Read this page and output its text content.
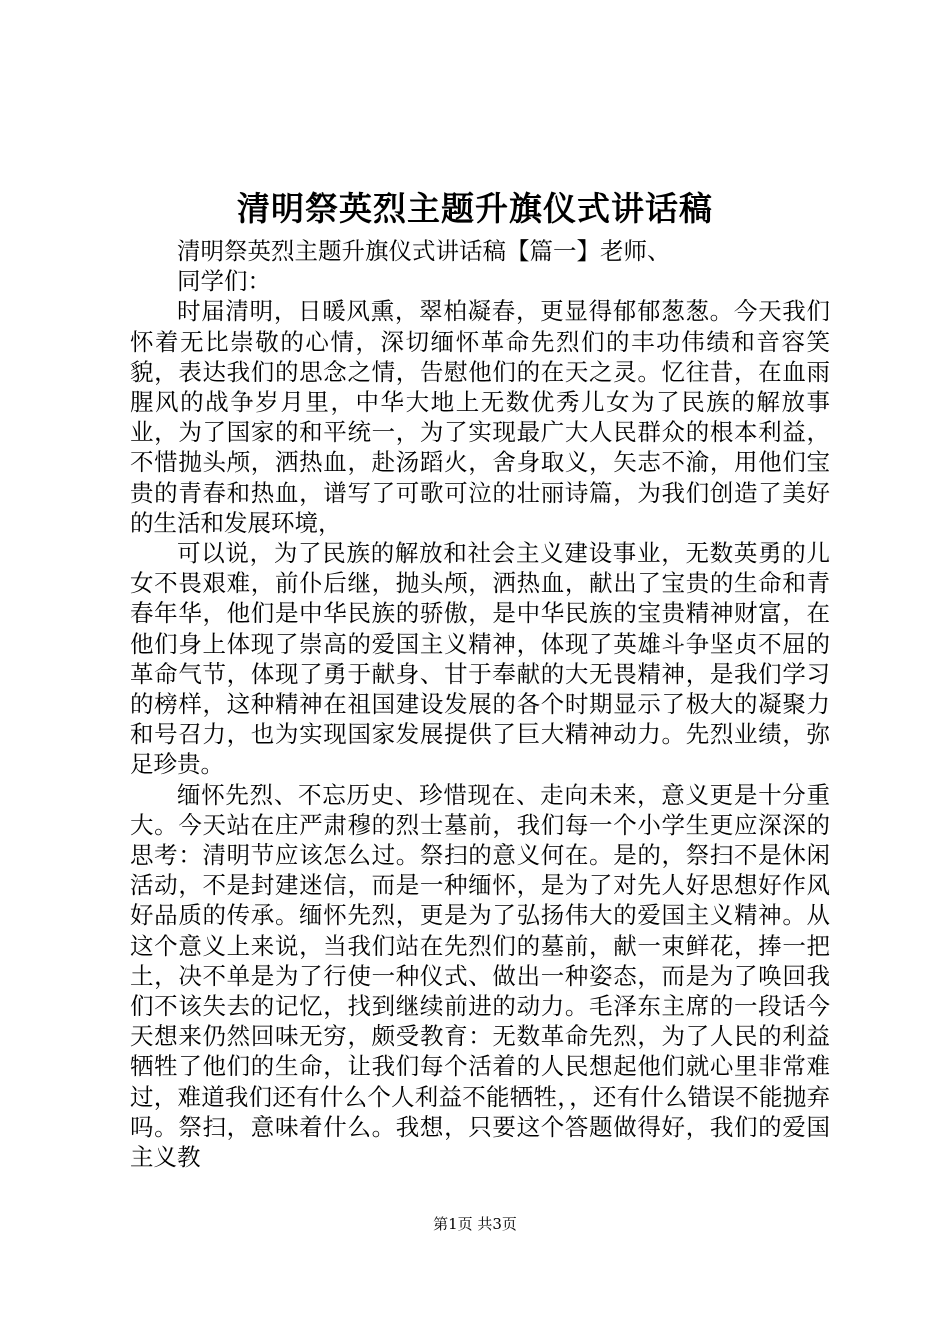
清明祭英烈主题升旗仪式讲话稿

清明祭英烈主题升旗仪式讲话稿【篇一】老师、

同学们：

时届清明，日暖风熏，翠柏凝春，更显得郁郁葱葱。今天我们怀着无比崇敬的心情，深切缅怀革命先烈们的丰功伟绩和音容笑貌，表达我们的思念之情，告慰他们的在天之灵。忆往昔，在血雨腥风的战争岁月里，中华大地上无数优秀儿女为了民族的解放事业，为了国家的和平统一，为了实现最广大人民群众的根本利益，不惜抛头颅，洒热血，赴汤蹈火，舍身取义，矢志不渝，用他们宝贵的青春和热血，谱写了可歌可泣的壮丽诗篇，为我们创造了美好的生活和发展环境，

可以说，为了民族的解放和社会主义建设事业，无数英勇的儿女不畏艰难，前仆后继，抛头颅，洒热血，献出了宝贵的生命和青春年华，他们是中华民族的骄傲，是中华民族的宝贵精神财富，在他们身上体现了崇高的爱国主义精神，体现了英雄斗争坚贞不屈的革命气节，体现了勇于献身、甘于奉献的大无畏精神，是我们学习的榜样，这种精神在祖国建设发展的各个时期显示了极大的凝聚力和号召力，也为实现国家发展提供了巨大精神动力。先烈业绩，弥足珍贵。

缅怀先烈、不忘历史、珍惜现在、走向未来，意义更是十分重大。今天站在庄严肃穆的烈士墓前，我们每一个小学生更应深深的思考：清明节应该怎么过。祭扫的意义何在。是的，祭扫不是休闲活动，不是封建迷信，而是一种缅怀，是为了对先人好思想好作风好品质的传承。缅怀先烈，更是为了弘扬伟大的爱国主义精神。从这个意义上来说，当我们站在先烈们的墓前，献一束鲜花，捧一把土，决不单是为了行使一种仪式、做出一种姿态，而是为了唤回我们不该失去的记忆，找到继续前进的动力。毛泽东主席的一段话今天想来仍然回味无穷，颇受教育：无数革命先烈，为了人民的利益牺牲了他们的生命，让我们每个活着的人民想起他们就心里非常难过，难道我们还有什么个人利益不能牺牲，，还有什么错误不能抛弃吗。祭扫，意味着什么。我想，只要这个答题做得好，我们的爱国主义教

第1页 共3页
